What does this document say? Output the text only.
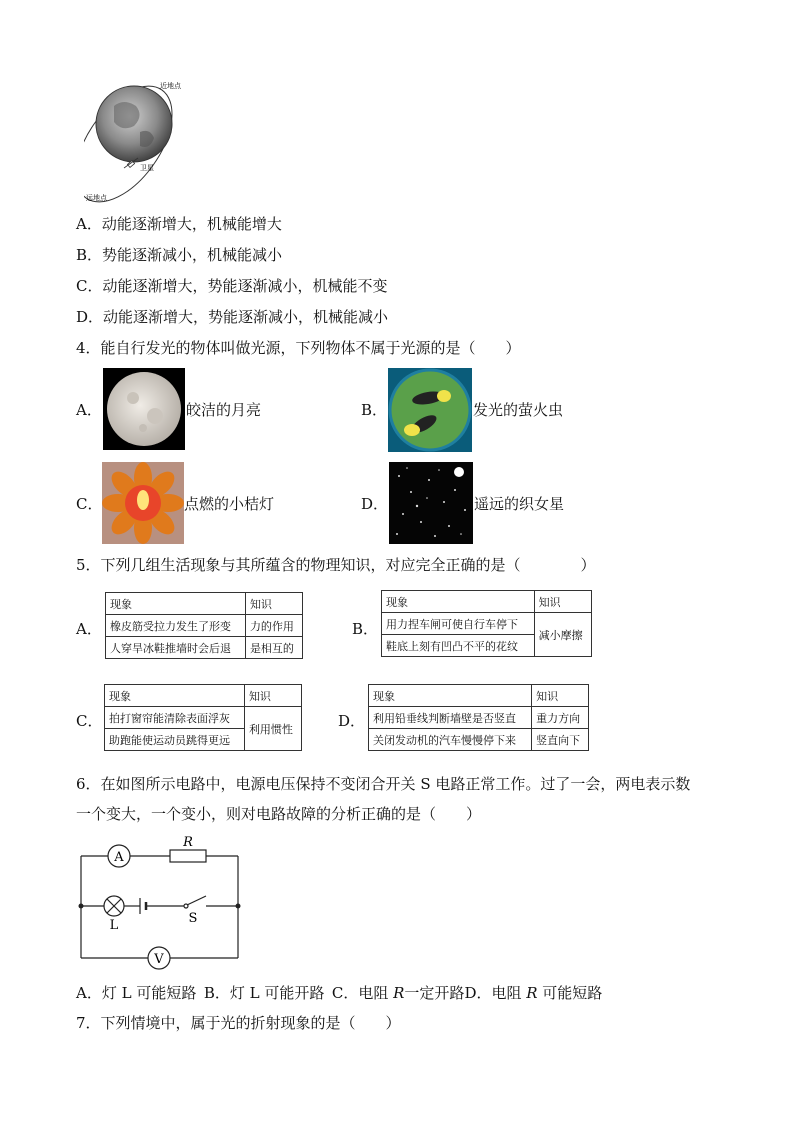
近地点
卫星
远地点
A．动能逐渐增大，机械能增大
B．势能逐渐减小，机械能减小
C．动能逐渐增大，势能逐渐减小，机械能不变
D．动能逐渐增大，势能逐渐减小，机械能减小
4．能自行发光的物体叫做光源，下列物体不属于光源的是（　　）
A．	皎洁的月亮	B．	发光的萤火虫
C．	点燃的小桔灯	D．	遥远的织女星
5．下列几组生活现象与其所蕴含的物理知识，对应完全正确的是（　　　　）
A．
现象	知识
橡皮筋受拉力发生了形变	力的作用
人穿旱冰鞋推墙时会后退	是相互的
B．
现象	知识
用力捏车闸可使自行车停下	减小摩擦
鞋底上刻有凹凸不平的花纹	
C．
现象	知识
拍打窗帘能清除表面浮灰	利用惯性
助跑能使运动员跳得更远	
D．
现象	知识
利用铅垂线判断墙壁是否竖直	重力方向
关闭发动机的汽车慢慢停下来	竖直向下
6．在如图所示电路中，电源电压保持不变闭合开关 S 电路正常工作。过了一会，两电表示数
一个变大，一个变小，则对电路故障的分析正确的是（　　）
A
R
L	S
V
A．灯 L 可能短路  B．灯 L 可能开路  C．电阻 R一定开路D．电阻 R 可能短路
7．下列情境中，属于光的折射现象的是（　　）
